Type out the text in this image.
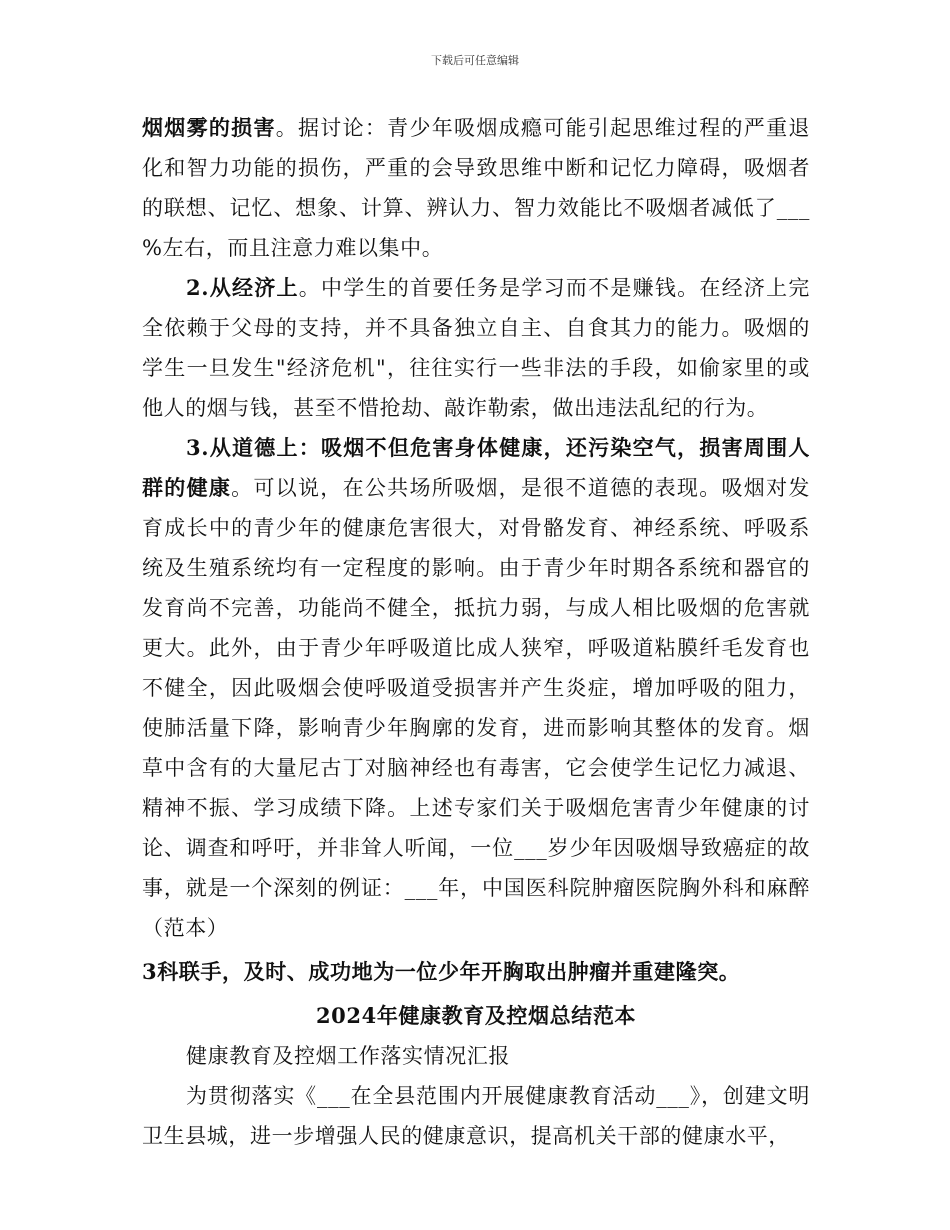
下载后可任意编辑

烟烟雾的损害。据讨论：青少年吸烟成瘾可能引起思维过程的严重退化和智力功能的损伤，严重的会导致思维中断和记忆力障碍，吸烟者的联想、记忆、想象、计算、辨认力、智力效能比不吸烟者减低了___%左右，而且注意力难以集中。

2.从经济上。中学生的首要任务是学习而不是赚钱。在经济上完全依赖于父母的支持，并不具备独立自主、自食其力的能力。吸烟的学生一旦发生"经济危机"，往往实行一些非法的手段，如偷家里的或他人的烟与钱，甚至不惜抢劫、敲诈勒索，做出违法乱纪的行为。

3.从道德上：吸烟不但危害身体健康，还污染空气，损害周围人群的健康。可以说，在公共场所吸烟，是很不道德的表现。吸烟对发育成长中的青少年的健康危害很大，对骨骼发育、神经系统、呼吸系统及生殖系统均有一定程度的影响。由于青少年时期各系统和器官的发育尚不完善，功能尚不健全，抵抗力弱，与成人相比吸烟的危害就更大。此外，由于青少年呼吸道比成人狭窄，呼吸道粘膜纤毛发育也不健全，因此吸烟会使呼吸道受损害并产生炎症，增加呼吸的阻力，使肺活量下降，影响青少年胸廓的发育，进而影响其整体的发育。烟草中含有的大量尼古丁对脑神经也有毒害，它会使学生记忆力减退、精神不振、学习成绩下降。上述专家们关于吸烟危害青少年健康的讨论、调查和呼吁，并非耸人听闻，一位___岁少年因吸烟导致癌症的故事，就是一个深刻的例证：___年，中国医科院肿瘤医院胸外科和麻醉（范本）

3科联手，及时、成功地为一位少年开胸取出肿瘤并重建隆突。

2024年健康教育及控烟总结范本

健康教育及控烟工作落实情况汇报

为贯彻落实《___在全县范围内开展健康教育活动___》，创建文明卫生县城，进一步增强人民的健康意识，提高机关干部的健康水平，
